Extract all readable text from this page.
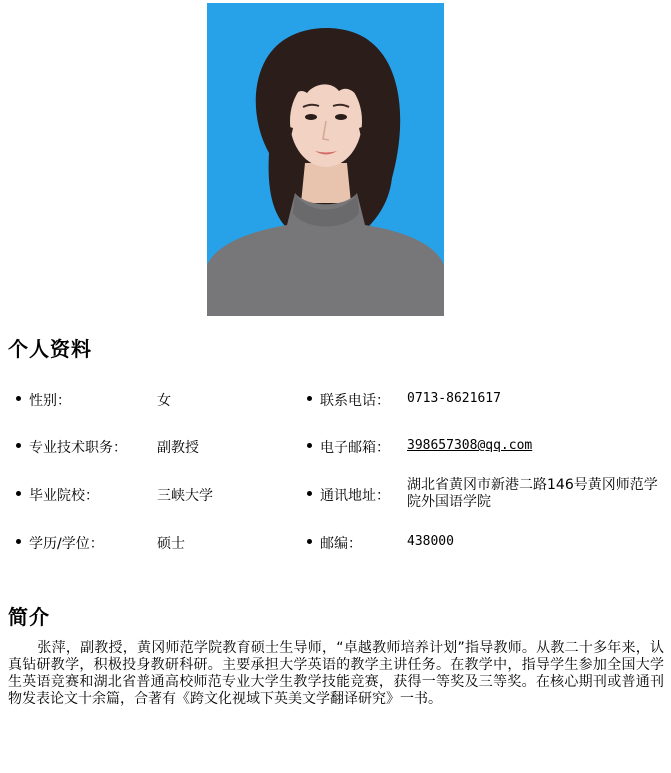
个人资料
性别：	女	联系电话： 0713-8621617
专业技术职务： 副教授	电子邮箱： 398657308@qq.com
毕业院校：	三峡大学	通讯地址：
湖北省黄冈市新港二路146号黄冈师范学院外国语学院
学历/学位：	硕士	邮编：	438000
简介

张萍，副教授，黄冈师范学院教育硕士生导师，“卓越教师培养计划”指导教师。从教二十多年来，认真钻研教学，积极投身教研科研。主要承担大学英语的教学主讲任务。在教学中，指导学生参加全国大学生英语竞赛和湖北省普通高校师范专业大学生教学技能竞赛，获得一等奖及三等奖。在核心期刊或普通刊物发表论文十余篇，合著有《跨文化视域下英美文学翻译研究》一书。
